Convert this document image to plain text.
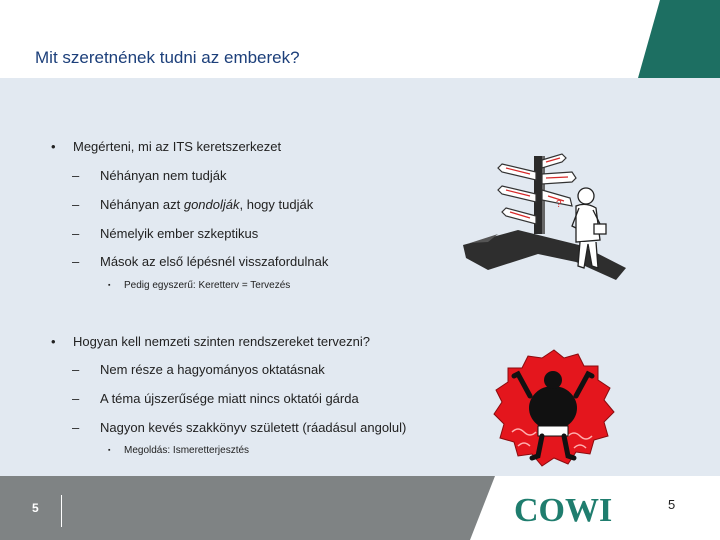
Mit szeretnének tudni az emberek?
• Megérteni, mi az ITS keretszerkezet
– Néhányan nem tudják
– Néhányan azt gondolják, hogy tudják
– Némelyik ember szkeptikus
– Mások az első lépésnél visszafordulnak
▪ Pedig egyszerű: Keretterv = Tervezés
• Hogyan kell nemzeti szinten rendszereket tervezni?
– Nem része a hagyományos oktatásnak
– A téma újszerűsége miatt nincs oktatói gárda
– Nagyon kevés szakkönyv született (ráadásul angolul)
▪ Megoldás: Ismeretterjesztés
?
5	COWI	5
